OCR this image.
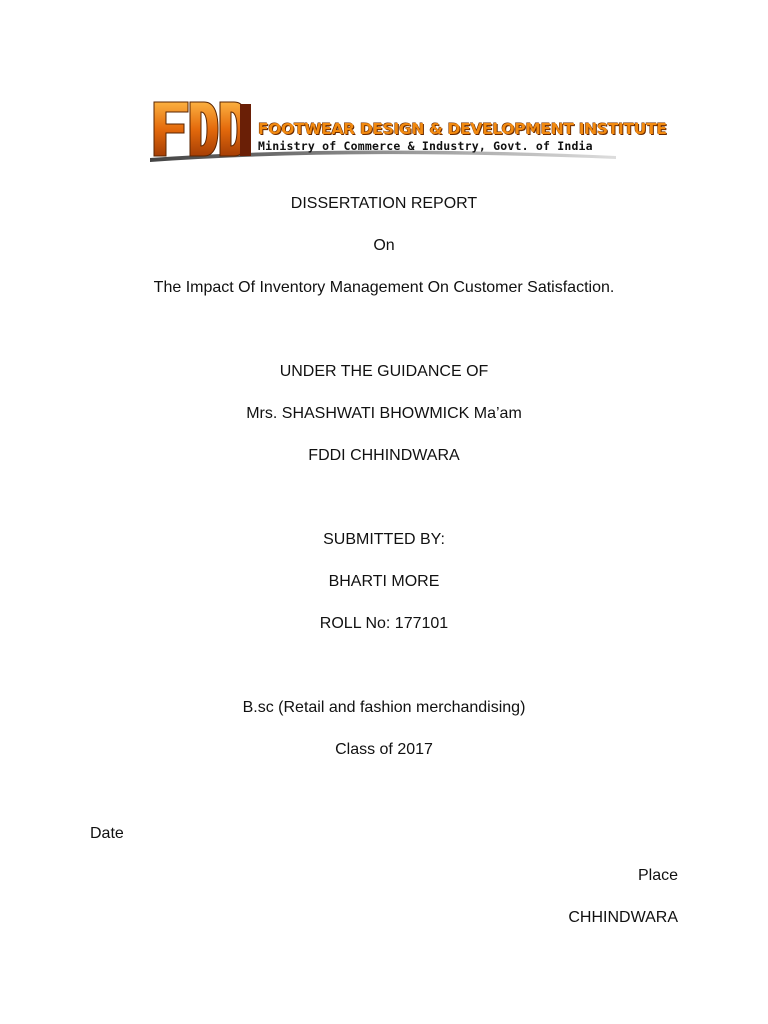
FOOTWEAR DESIGN & DEVELOPMENT INSTITUTE
Ministry of Commerce & Industry, Govt. of India
DISSERTATION REPORT
On
The Impact Of Inventory Management On Customer Satisfaction.
UNDER THE GUIDANCE OF
Mrs. SHASHWATI BHOWMICK Ma’am
FDDI CHHINDWARA
SUBMITTED BY:
BHARTI MORE
ROLL No: 177101
B.sc (Retail and fashion merchandising)
Class of 2017
Date
Place
CHHINDWARA
